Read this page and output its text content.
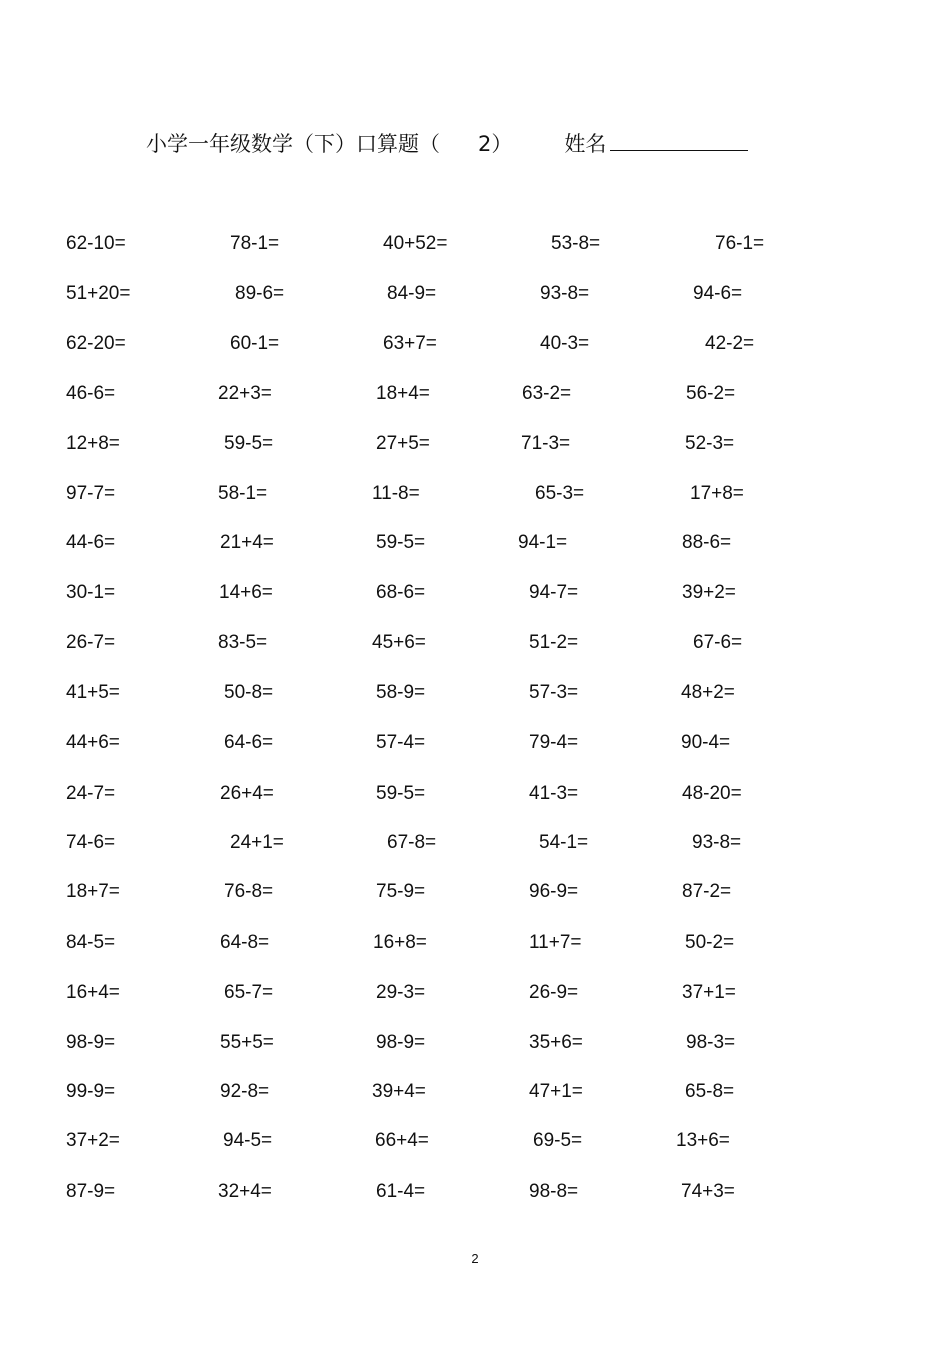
小学一年级数学（下）口算题（ 2） 姓名
62-10=	78-1=	40+52=	53-8=	76-1=
51+20=	89-6=	84-9=	93-8=	94-6=
62-20=	60-1=	63+7=	40-3=	42-2=
46-6=	22+3=	18+4=	63-2=	56-2=
12+8=	59-5=	27+5=	71-3=	52-3=
97-7=	58-1=	11-8=	65-3=	17+8=
44-6=	21+4=	59-5=	94-1=	88-6=
30-1=	14+6=	68-6=	94-7=	39+2=
26-7=	83-5=	45+6=	51-2=	67-6=
41+5=	50-8=	58-9=	57-3=	48+2=
44+6=	64-6=	57-4=	79-4=	90-4=
24-7=	26+4=	59-5=	41-3=	48-20=
74-6=	24+1=	67-8=	54-1=	93-8=
18+7=	76-8=	75-9=	96-9=	87-2=
84-5=	64-8=	16+8=	11+7=	50-2=
16+4=	65-7=	29-3=	26-9=	37+1=
98-9=	55+5=	98-9=	35+6=	98-3=
99-9=	92-8=	39+4=	47+1=	65-8=
37+2=	94-5=	66+4=	69-5=	13+6=
87-9=	32+4=	61-4=	98-8=	74+3=
2
